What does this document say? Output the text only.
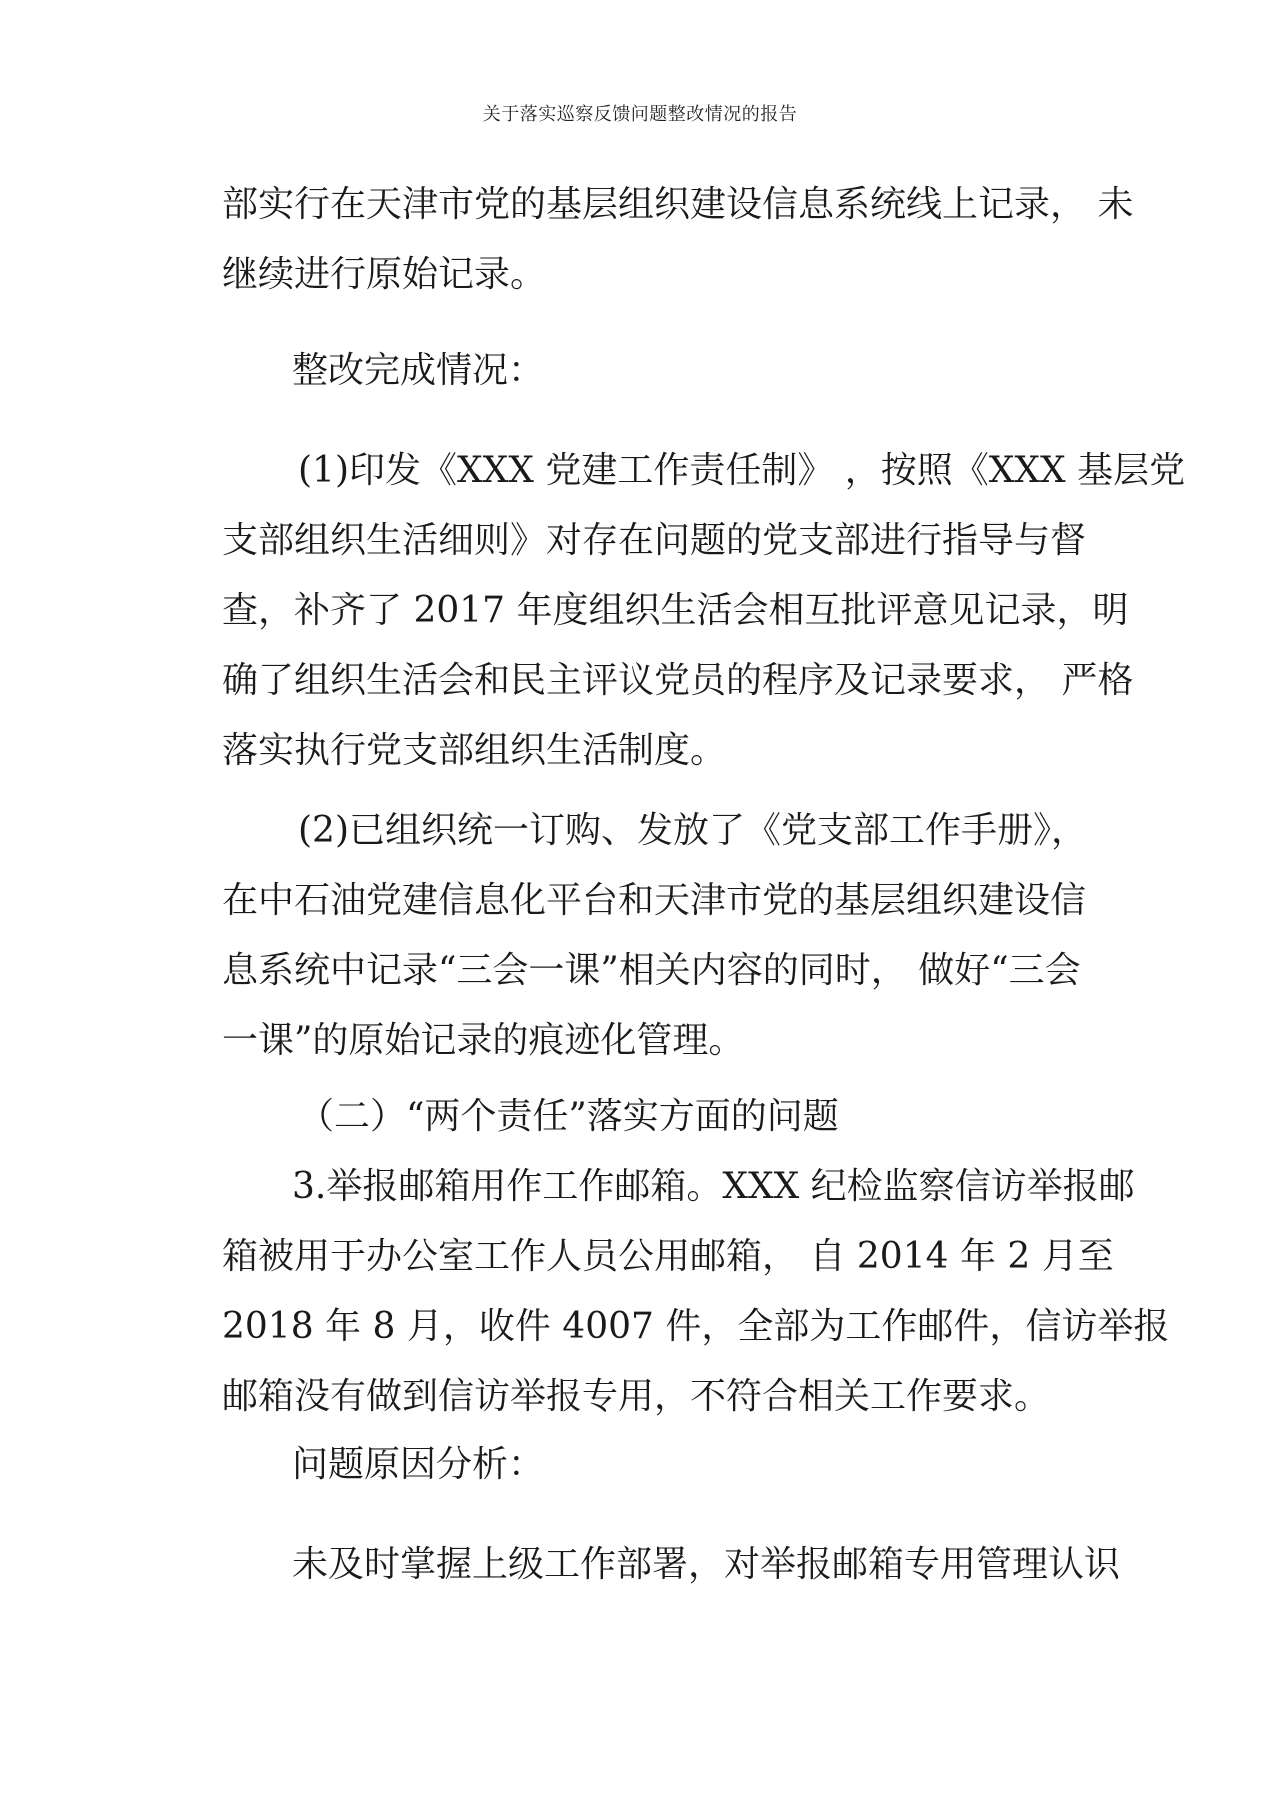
关于落实巡察反馈问题整改情况的报告
部实行在天津市党的基层组织建设信息系统线上记录， 未
继续进行原始记录。
整改完成情况：
(1)印发《XXX 党建工作责任制》 ，按照《XXX 基层党
支部组织生活细则》对存在问题的党支部进行指导与督
查，补齐了 2017 年度组织生活会相互批评意见记录，明
确了组织生活会和民主评议党员的程序及记录要求， 严格
落实执行党支部组织生活制度。
(2)已组织统一订购、发放了《党支部工作手册》，
在中石油党建信息化平台和天津市党的基层组织建设信
息系统中记录“三会一课”相关内容的同时， 做好“三会
一课”的原始记录的痕迹化管理。
（二）“两个责任”落实方面的问题
3.举报邮箱用作工作邮箱。XXX 纪检监察信访举报邮
箱被用于办公室工作人员公用邮箱， 自 2014 年 2 月至
2018 年 8 月，收件 4007 件，全部为工作邮件，信访举报
邮箱没有做到信访举报专用，不符合相关工作要求。
问题原因分析：
未及时掌握上级工作部署，对举报邮箱专用管理认识
